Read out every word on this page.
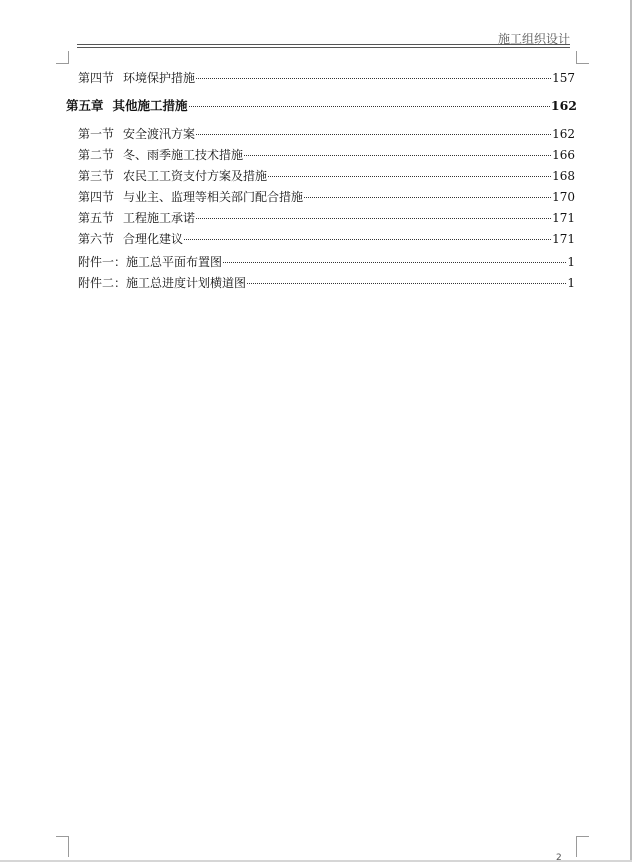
施工组织设计
第四节 环境保护措施	157
第五章 其他施工措施	162
第一节 安全渡汛方案	162
第二节 冬、雨季施工技术措施	166
第三节 农民工工资支付方案及措施	168
第四节 与业主、监理等相关部门配合措施	170
第五节 工程施工承诺	171
第六节 合理化建议	171
附件一： 施工总平面布置图	1
附件二： 施工总进度计划横道图	1
2
